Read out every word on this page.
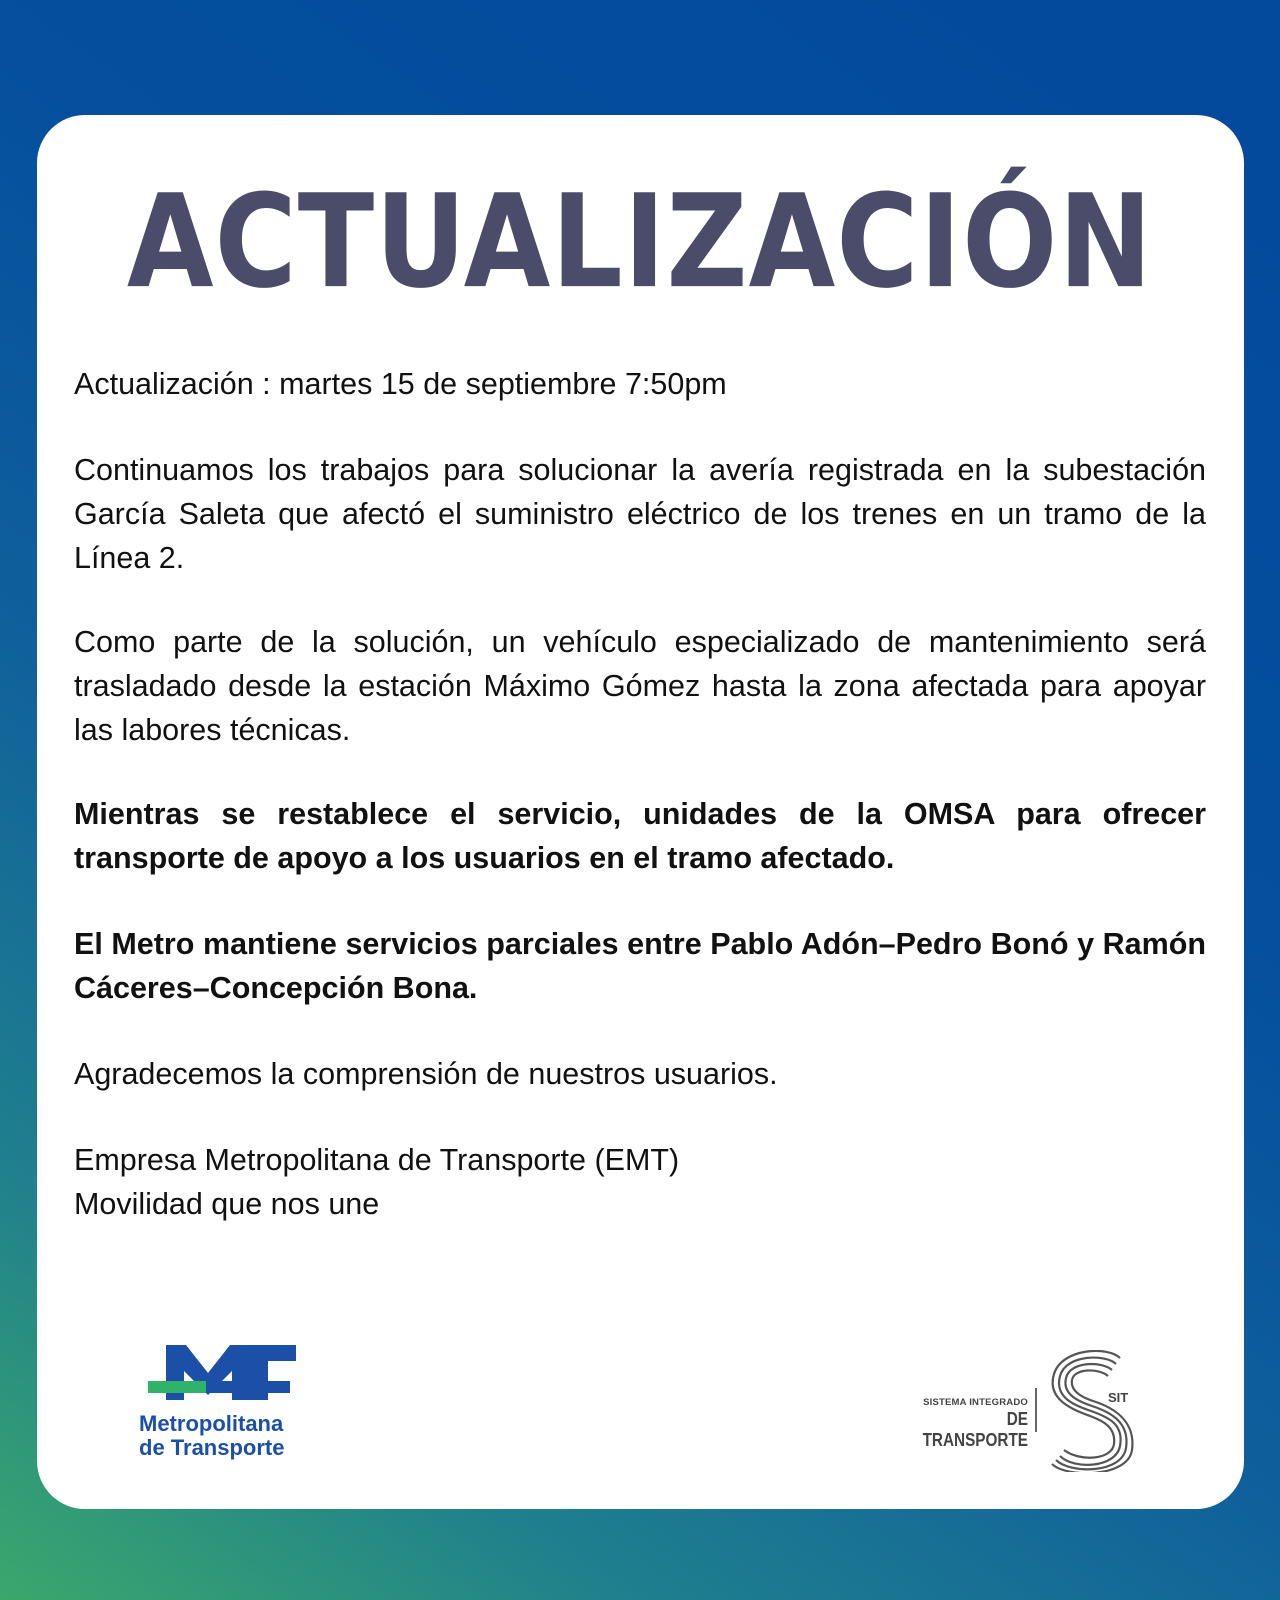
ACTUALIZACIÓN

Actualización : martes 15 de septiembre 7:50pm

Continuamos los trabajos para solucionar la avería registrada en la subestación García Saleta que afectó el suministro eléctrico de los trenes en un tramo de la Línea 2.

Como parte de la solución, un vehículo especializado de mantenimiento será trasladado desde la estación Máximo Gómez hasta la zona afectada para apoyar las labores técnicas.

Mientras se restablece el servicio, unidades de la OMSA para ofrecer transporte de apoyo a los usuarios en el tramo afectado.

El Metro mantiene servicios parciales entre Pablo Adón–Pedro Bonó y Ramón Cáceres–Concepción Bona.

Agradecemos la comprensión de nuestros usuarios.

Empresa Metropolitana de Transporte (EMT)

Movilidad que nos une

Metropolitana
de Transporte
SISTEMA INTEGRADO
DE TRANSPORTE
SIT
